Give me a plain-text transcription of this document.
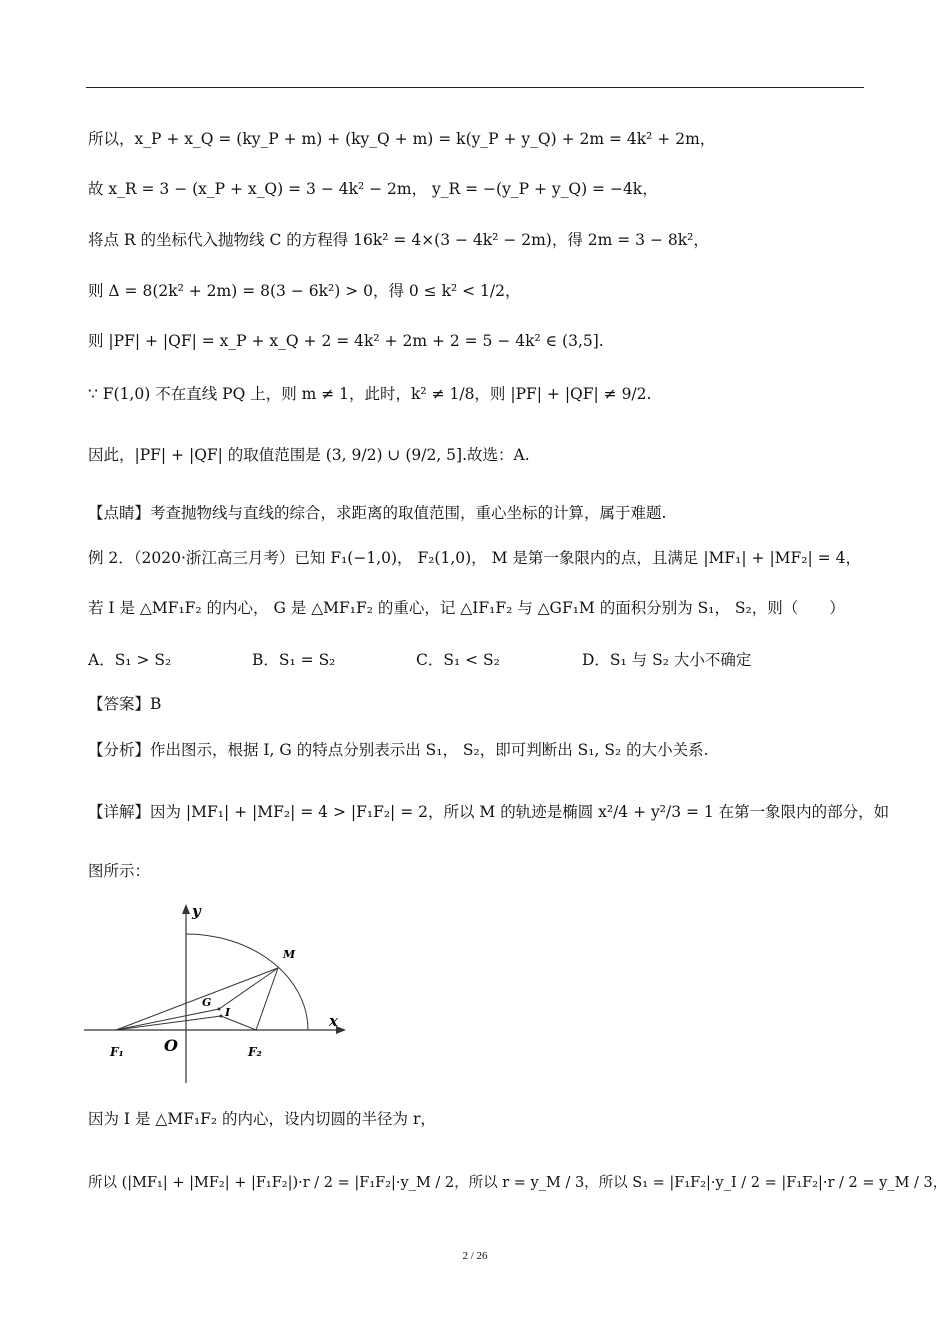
所以，x_P + x_Q = (ky_P + m) + (ky_Q + m) = k(y_P + y_Q) + 2m = 4k² + 2m，
故 x_R = 3 − (x_P + x_Q) = 3 − 4k² − 2m， y_R = −(y_P + y_Q) = −4k，
将点 R 的坐标代入抛物线 C 的方程得 16k² = 4×(3 − 4k² − 2m)，得 2m = 3 − 8k²，
则 Δ = 8(2k² + 2m) = 8(3 − 6k²) > 0，得 0 ≤ k² < 1/2，
则 |PF| + |QF| = x_P + x_Q + 2 = 4k² + 2m + 2 = 5 − 4k² ∈ (3,5].
∵ F(1,0) 不在直线 PQ 上，则 m ≠ 1，此时，k² ≠ 1/8，则 |PF| + |QF| ≠ 9/2.
因此，|PF| + |QF| 的取值范围是 (3, 9/2) ∪ (9/2, 5].故选：A.
【点睛】考查抛物线与直线的综合，求距离的取值范围，重心坐标的计算，属于难题.
例 2．（2020·浙江高三月考）已知 F₁(−1,0)， F₂(1,0)， M 是第一象限内的点，且满足 |MF₁| + |MF₂| = 4，
若 I 是 △MF₁F₂ 的内心， G 是 △MF₁F₂ 的重心，记 △IF₁F₂ 与 △GF₁M 的面积分别为 S₁， S₂，则（　　）
A．S₁ > S₂	B．S₁ = S₂	C．S₁ < S₂	D．S₁ 与 S₂ 大小不确定
【答案】B
【分析】作出图示，根据 I, G 的特点分别表示出 S₁， S₂，即可判断出 S₁, S₂ 的大小关系.
【详解】因为 |MF₁| + |MF₂| = 4 > |F₁F₂| = 2，所以 M 的轨迹是椭圆 x²/4 + y²/3 = 1 在第一象限内的部分，如
图所示：
y
x
M
G
I
F₁	O	F₂
因为 I 是 △MF₁F₂ 的内心，设内切圆的半径为 r，
所以 (|MF₁| + |MF₂| + |F₁F₂|)·r / 2 = |F₁F₂|·y_M / 2，所以 r = y_M / 3，所以 S₁ = |F₁F₂|·y_I / 2 = |F₁F₂|·r / 2 = y_M / 3，
2 / 26
